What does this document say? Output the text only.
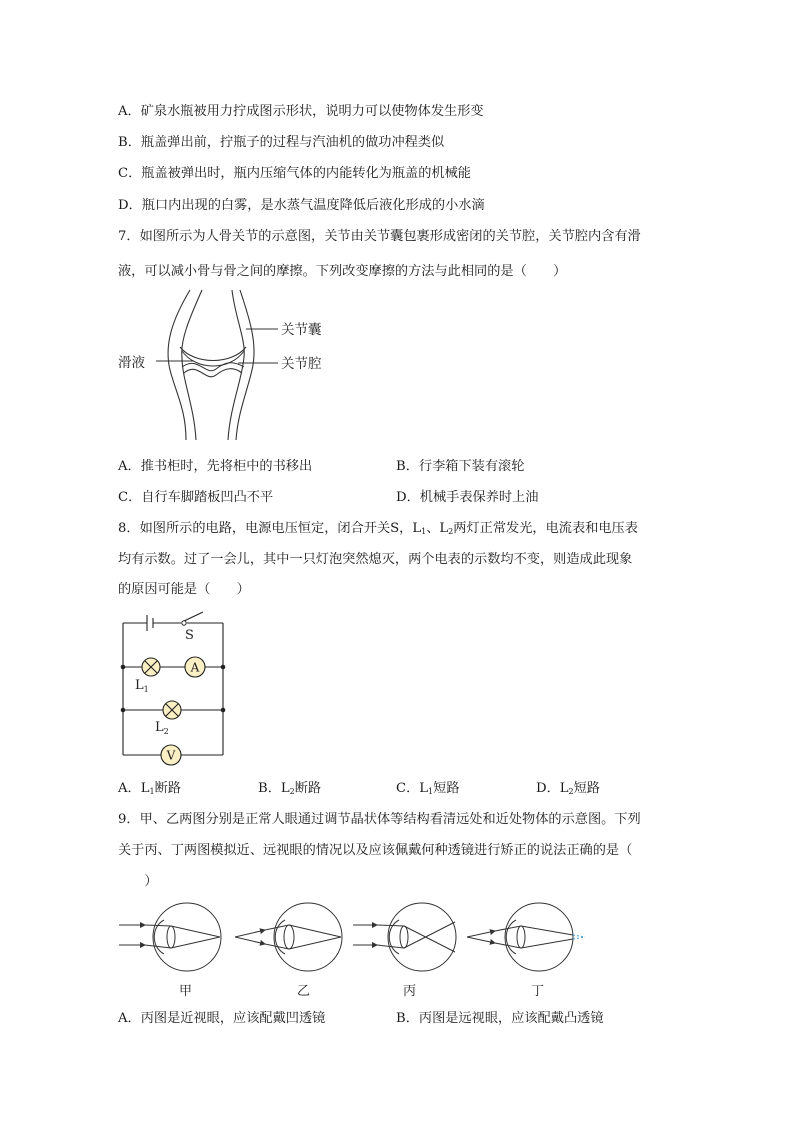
A．矿泉水瓶被用力拧成图示形状，说明力可以使物体发生形变
B．瓶盖弹出前，拧瓶子的过程与汽油机的做功冲程类似
C．瓶盖被弹出时，瓶内压缩气体的内能转化为瓶盖的机械能
D．瓶口内出现的白雾，是水蒸气温度降低后液化形成的小水滴
7．如图所示为人骨关节的示意图，关节由关节囊包裹形成密闭的关节腔，关节腔内含有滑
液，可以减小骨与骨之间的摩擦。下列改变摩擦的方法与此相同的是（　　）
关节囊
滑液	关节腔
A．推书柜时，先将柜中的书移出	B．行李箱下装有滚轮
C．自行车脚踏板凹凸不平	D．机械手表保养时上油
8．如图所示的电路，电源电压恒定，闭合开关S，$L_1$、$L_2$两灯正常发光，电流表和电压表
均有示数。过了一会儿，其中一只灯泡突然熄灭，两个电表的示数均不变，则造成此现象
的原因可能是（　　）
A
V
S
$L_1$
$L_2$
A．$L_1$断路	B．$L_2$断路	C．$L_1$短路	D．$L_2$短路
9．甲、乙两图分别是正常人眼通过调节晶状体等结构看清远处和近处物体的示意图。下列
关于丙、丁两图模拟近、远视眼的情况以及应该佩戴何种透镜进行矫正的说法正确的是（
　　）
甲	乙	丙	丁
A．丙图是近视眼，应该配戴凹透镜	B．丙图是远视眼，应该配戴凸透镜
